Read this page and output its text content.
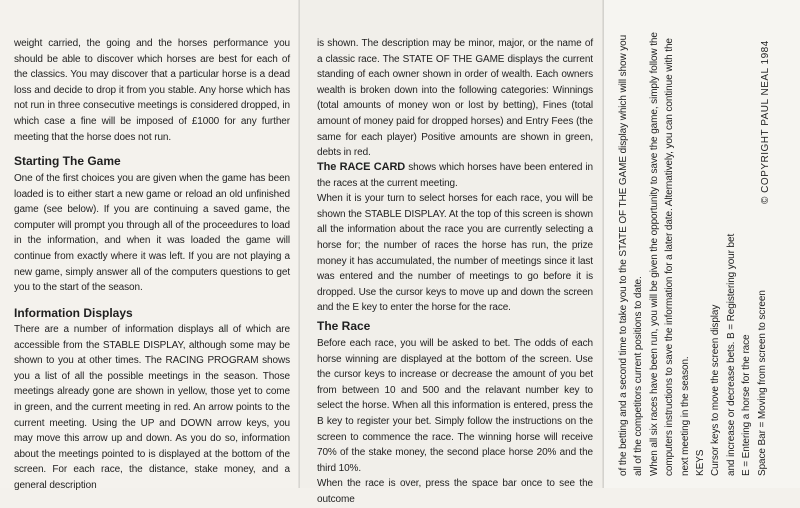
weight carried, the going and the horses performance you should be able to discover which horses are best for each of the classics. You may discover that a particular horse is a dead loss and decide to drop it from you stable. Any horse which has not run in three consecutive meetings is considered dropped, in which case a fine will be imposed of £1000 for any further meeting that the horse does not run.

Starting The Game

One of the first choices you are given when the game has been loaded is to either start a new game or reload an old unfinished game (see below). If you are continuing a saved game, the computer will prompt you through all of the proceedures to load in the information, and when it was loaded the game will continue from exactly where it was left. If you are not playing a new game, simply answer all of the computers questions to get you to the start of the season.

Information Displays

There are a number of information displays all of which are accessible from the STABLE DISPLAY, although some may be shown to you at other times. The RACING PROGRAM shows you a list of all the possible meetings in the season. Those meetings already gone are shown in yellow, those yet to come in green, and the current meeting in red. An arrow points to the current meeting. Using the UP and DOWN arrow keys, you may move this arrow up and down. As you do so, information about the meetings pointed to is displayed at the bottom of the screen. For each race, the distance, stake money, and a general description

is shown. The description may be minor, major, or the name of a classic race. The STATE OF THE GAME displays the current standing of each owner shown in order of wealth. Each owners wealth is broken down into the following categories: Winnings (total amounts of money won or lost by betting), Fines (total amount of money paid for dropped horses) and Entry Fees (the same for each player) Positive amounts are shown in green, debts in red.

The RACE CARD shows which horses have been entered in the races at the current meeting.

When it is your turn to select horses for each race, you will be shown the STABLE DISPLAY. At the top of this screen is shown all the information about the race you are currently selecting a horse for; the number of races the horse has run, the prize money it has accumulated, the number of meetings since it last was entered and the number of meetings to go before it is dropped. Use the cursor keys to move up and down the screen and the E key to enter the horse for the race.

The Race

Before each race, you will be asked to bet. The odds of each horse winning are displayed at the bottom of the screen. Use the cursor keys to increase or decrease the amount of you bet from between 10 and 500 and the relavant number key to select the horse. When all this information is entered, press the B key to register your bet. Simply follow the instructions on the screen to commence the race. The winning horse will receive 70% of the stake money, the second place horse 20% and the third 10%.

When the race is over, press the space bar once to see the outcome

of the betting and a second time to take you to the STATE OF THE GAME display which will show you all of the competitors current positions to date. When all six races have been run, you will be given the opportunity to save the game, simply follow the computers instructions to save the information for a later date. Alternatively, you can continue with the next meeting in the season. KEYS Cursor keys to move the screen display and increase or decrease bets. B = Registering your bet E = Entering a horse for the race Space Bar = Moving from screen to screen

© COPYRIGHT PAUL NEAL 1984
